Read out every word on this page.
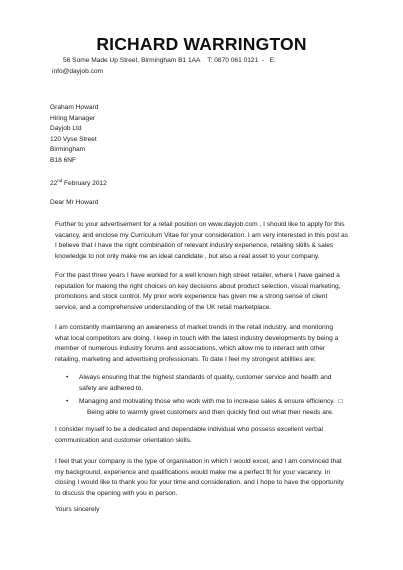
RICHARD WARRINGTON
56 Some Made Up Street, Birmingham B1 1AA    T: 0870 061 0121  -   E:
info@dayjob.com
Graham Howard
Hiring Manager
Dayjob Ltd
120 Vyse Street
Birmingham
B18 6NF
22nd February 2012
Dear Mr Howard
Further to your advertisement for a retail position on www.dayjob.com , I should like to apply for this
vacancy, and enclose my Curriculum Vitae for your consideration. I am very interested in this post as
I believe that I have the right combination of relevant industry experience, retailing skills & sales
knowledge to not only make me an ideal candidate , but also a real asset to your company.
For the past three years I have worked for a well known high street retailer, where I have gained a
reputation for making the right choices on key decisions about product selection, visual marketing,
promotions and stock control. My prior work experience has given me a strong sense of client
service, and a comprehensive understanding of the UK retail marketplace.
I am constantly maintaining an awareness of market trends in the retail industry, and monitoring
what local competitors are doing. I keep in touch with the latest industry developments by being a
member of numerous industry forums and associations, which allow me to interact with other
retailing, marketing and advertising professionals. To date I feel my strongest abilities are;
• Always ensuring that the highest standards of quality, customer service and health and
safety are adhered to.
• Managing and motivating those who work with me to increase sales & ensure efficiency.  □
Being able to warmly greet customers and then quickly find out what their needs are.
I consider myself to be a dedicated and dependable individual who possess excellent verbal
communication and customer orientation skills.
I feel that your company is the type of organisation in which I would excel, and I am convinced that
my background, experience and qualifications would make me a perfect fit for your vacancy. In
closing I would like to thank you for your time and consideration, and I hope to have the opportunity
to discuss the opening with you in person.
Yours sincerely
